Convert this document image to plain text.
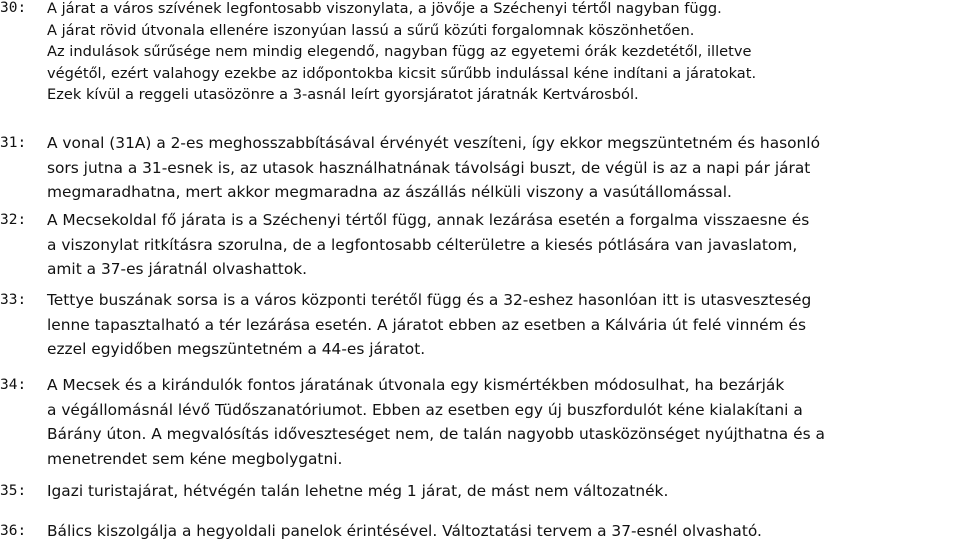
30:	A járat a város szívének legfontosabb viszonylata, a jövője a Széchenyi tértől nagyban függ.
A járat rövid útvonala ellenére iszonyúan lassú a sűrű közúti forgalomnak köszönhetően.
Az indulások sűrűsége nem mindig elegendő, nagyban függ az egyetemi órák kezdetétől, illetve
végétől, ezért valahogy ezekbe az időpontokba kicsit sűrűbb indulással kéne indítani a járatokat.
Ezek kívül a reggeli utasözönre a 3-asnál leírt gyorsjáratot járatnák Kertvárosból.
31:	A vonal (31A) a 2-es meghosszabbításával érvényét veszíteni, így ekkor megszüntetném és hasonló
sors jutna a 31-esnek is, az utasok használhatnának távolsági buszt, de végül is az a napi pár járat
megmaradhatna, mert akkor megmaradna az ászállás nélküli viszony a vasútállomással.
32:	A Mecsekoldal fő járata is a Széchenyi tértől függ, annak lezárása esetén a forgalma visszaesne és
a viszonylat ritkításra szorulna, de a legfontosabb célterületre a kiesés pótlására van javaslatom,
amit a 37-es járatnál olvashattok.
33:	Tettye buszának sorsa is a város központi terétől függ és a 32-eshez hasonlóan itt is utasveszteség
lenne tapasztalható a tér lezárása esetén. A járatot ebben az esetben a Kálvária út felé vinném és
ezzel egyidőben megszüntetném a 44-es járatot.
34:	A Mecsek és a kirándulók fontos járatának útvonala egy kismértékben módosulhat, ha bezárják
a végállomásnál lévő Tüdőszanatóriumot. Ebben az esetben egy új buszfordulót kéne kialakítani a
Bárány úton. A megvalósítás időveszteséget nem, de talán nagyobb utasközönséget nyújthatna és a
menetrendet sem kéne megbolygatni.
35:	Igazi turistajárat, hétvégén talán lehetne még 1 járat, de mást nem változatnék.
36:	Bálics kiszolgálja a hegyoldali panelok érintésével. Változtatási tervem a 37-esnél olvasható.
